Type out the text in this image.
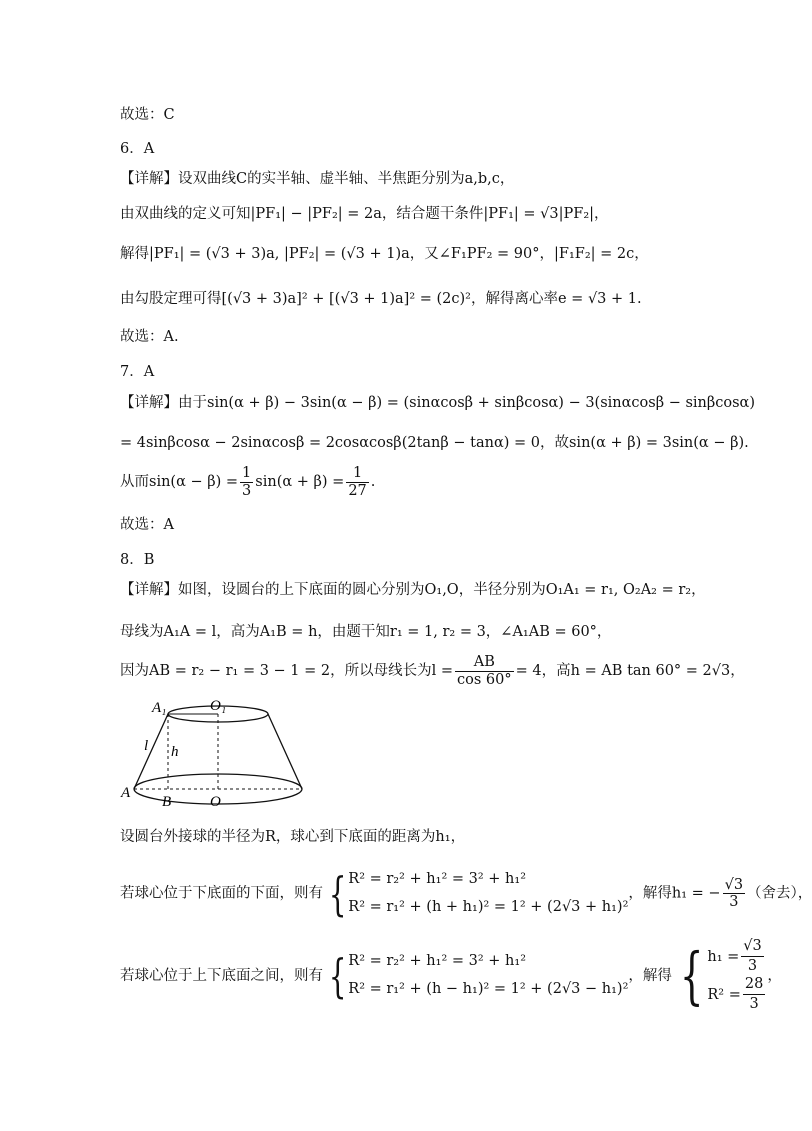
故选：C
6．A
【详解】设双曲线C的实半轴、虚半轴、半焦距分别为a,b,c，
由双曲线的定义可知|PF₁| − |PF₂| = 2a，结合题干条件|PF₁| = √3|PF₂|，
解得|PF₁| = (√3 + 3)a, |PF₂| = (√3 + 1)a，又∠F₁PF₂ = 90°，|F₁F₂| = 2c，
由勾股定理可得[(√3 + 3)a]² + [(√3 + 1)a]² = (2c)²，解得离心率e = √3 + 1.
故选：A.
7．A
【详解】由于sin(α + β) − 3sin(α − β) = (sinαcosβ + sinβcosα) − 3(sinαcosβ − sinβcosα)
= 4sinβcosα − 2sinαcosβ = 2cosαcosβ(2tanβ − tanα) = 0，故sin(α + β) = 3sin(α − β).
从而$\sin(\alpha - \beta) = \frac{1}{3} \sin(\alpha + \beta) = \frac{1}{27}$ .
故选：A
8．B
【详解】如图，设圆台的上下底面的圆心分别为O₁,O，半径分别为O₁A₁ = r₁, O₂A₂ = r₂，
母线为A₁A = l，高为A₁B = h，由题干知r₁ = 1, r₂ = 3，∠A₁AB = 60°，
因为AB = r₂ − r₁ = 3 − 1 = 2，所以母线长为$l = \frac{AB}{\cos 60^\circ} = 4$，高h = AB tan 60° = 2√3，
A₁	O₁
l h
A
B	O
设圆台外接球的半径为R，球心到下底面的距离为h₁，
若球心位于下底面的下面，则有 { R² = r₂² + h₁² = 3² + h₁²
R² = r₁² + (h + h₁)² = 1² + (2√3 + h₁)²
，解得h₁ = − $\frac{√3}{3}$ （舍去），
若球心位于上下底面之间，则有 { R² = r₂² + h₁² = 3² + h₁²
R² = r₁² + (h − h₁)² = 1² + (2√3 − h₁)²
，解得 { $h_1 = \frac{√3}{3}$
$R^2 = \frac{28}{3}$ ，
